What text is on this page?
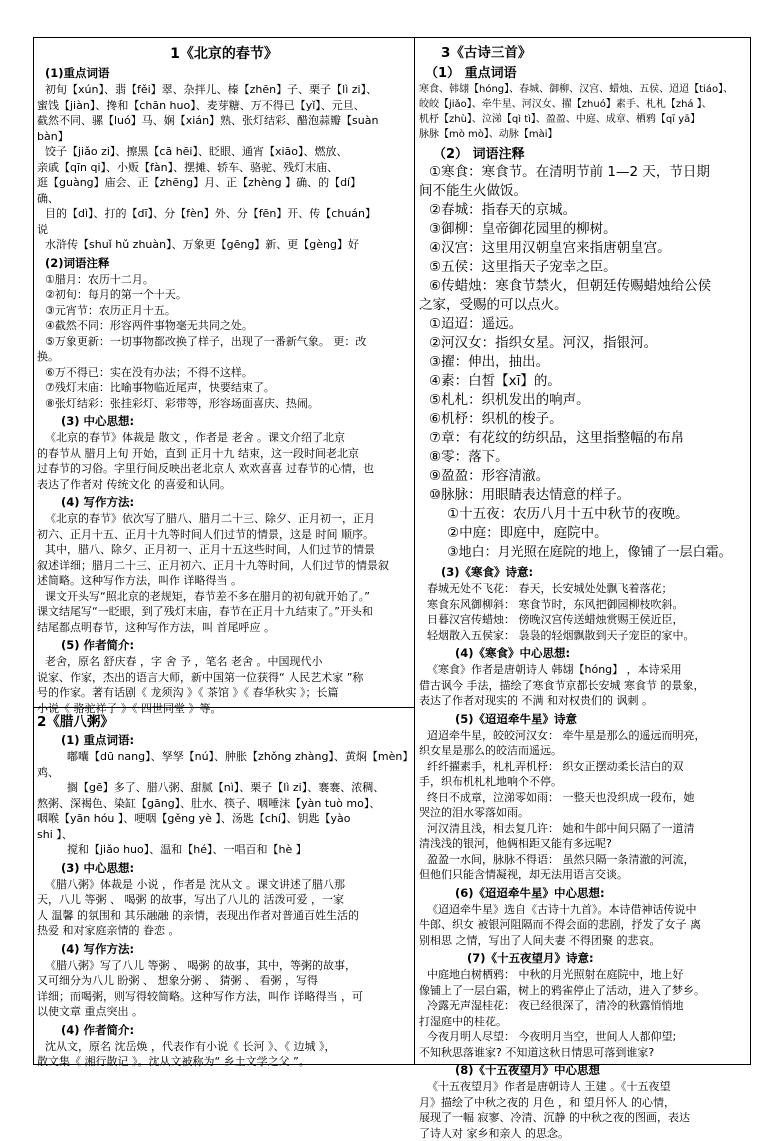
1《北京的春节》
(1)重点词语

初旬【xún】、翡【fěi】翠、杂拌儿、榛【zhēn】子、栗子【lì zi】、

蜜饯【jiàn】、搀和【chān huo】、麦芽糖、万不得已【yǐ】、元旦、

截然不同、骡【luó】马、娴【xián】熟、张灯结彩、醋泡蒜瓣【suàn

bàn】

饺子【jiǎo zi】、擦黑【cā hēi】、眨眼、通宵【xiāo】、燃放、

亲戚【qīn qi】、小贩【fàn】、摆摊、轿车、骆驼、残灯末庙、

逛【guàng】庙会、正【zhēng】月、正【zhèng 】确、的【dí】

确、

目的【dì】、打的【dī】、分【fèn】外、分【fēn】开、传【chuán】

说

水浒传【shuǐ hǔ zhuàn】、万象更【gēng】新、更【gèng】好

(2)词语注释

①腊月：农历十二月。

②初旬：每月的第一个十天。

③元宵节：农历正月十五。

④截然不同：形容两件事物毫无共同之处。

⑤万象更新：一切事物都改换了样子，出现了一番新气象。 更：改

换。

⑥万不得已：实在没有办法；不得不这样。

⑦残灯末庙：比喻事物临近尾声，快要结束了。

⑧张灯结彩：张挂彩灯、彩带等，形容场面喜庆、热闹。

(3) 中心思想:

《北京的春节》体裁是 散文 ，作者是 老舍 。课文介绍了北京

的春节从 腊月上旬 开始，直到 正月十九 结束，这一段时间老北京

过春节的习俗。字里行间反映出老北京人 欢欢喜喜 过春节的心情，也

表达了作者对 传统文化 的喜爱和认同。

(4) 写作方法:

《北京的春节》依次写了腊八、腊月二十三、除夕、正月初一，正月

初六、正月十五、正月十九等时间人们过节的情景，这是 时间 顺序。

其中，腊八、除夕、正月初一、正月十五这些时间，人们过节的情景

叙述详细；腊月二十三、正月初六、正月十九等时间，人们过节的情景叙

述简略。这种写作方法，叫作 详略得当 。

课文开头写“照北京的老规矩，春节差不多在腊月的初旬就开始了。”

课文结尾写“一眨眼，到了残灯末庙，春节在正月十九结束了。”开头和

结尾都点明春节，这种写作方法，叫 首尾呼应 。

(5) 作者简介:

老舍，原名 舒庆春 ，字 舍 予 ，笔名 老舍 。中国现代小

说家、作家，杰出的语言大师，新中国第一位获得“ 人民艺术家 ”称

号的作家。著有话剧《 龙须沟 》《 茶馆 》《 春华秋实 》；长篇

小说《 骆驼祥子 》《 四世同堂 》等。

2《腊八粥》
(1) 重点词语:

嘟囔【dū nang】、孥孥【nú】、肿胀【zhǒng zhàng】、黄焖【mèn】

鸡、

搁【gē】多了、腊八粥、甜腻【nì】、栗子【lì zi】、褰褰、浓稠、

熬粥、深褐色、染缸【gāng】、肚水、筷子、咽唾沫【yàn tuò mo】、

咽喉【yān hóu 】、哽咽【gěng yè 】、汤匙【chí】、钥匙【yào

shi 】、

搅和【jiǎo huo】、温和【hé】、一唱百和【hè 】

(3) 中心思想:

《腊八粥》体裁是 小说 ，作者是 沈从文 。课文讲述了腊八那

天，八儿 等粥 、 喝粥 的故事，写出了八儿的 活泼可爱 ，一家

人 温馨 的氛围和 其乐融融 的亲情，表现出作者对普通百姓生活的

热爱 和对家庭亲情的 眷恋 。

(4) 写作方法:

《腊八粥》写了八儿 等粥 、 喝粥 的故事，其中，等粥的故事，

又可细分为八儿 盼粥 、 想象分粥 、 猜粥 、 看粥 ，写得

详细；而喝粥，则写得较简略。这种写作方法，叫作 详略得当 ，可

以使文章 重点突出 。

(4) 作者简介:

沈从文，原名 沈岳焕 ，代表作有小说《 长河 》、《 边城 》，

散文集《 湘行散记 》。沈从文被称为“ 乡土文学之父 ”。

3《古诗三首》
（1） 重点词语

寒食、韩翃【hóng】、春城、御柳、汉宫、蜡烛、五侯、迢迢【tiáo】、

皎皎【jiǎo】、牵牛星、河汉女、擢【zhuó】素手、札札【zhá 】、

机杼【zhù】、泣涕【qì tì】、盈盈、中庭、成章、栖鸦【qī yā】

脉脉【mò mò】、动脉【mài】

（2） 词语注释

①寒食：寒食节。在清明节前 1—2 天，节日期

间不能生火做饭。

②春城：指春天的京城。

③御柳：皇帝御花园里的柳树。

④汉宫：这里用汉朝皇宫来指唐朝皇宫。

⑤五侯：这里指天子宠幸之臣。

⑥传蜡烛：寒食节禁火，但朝廷传赐蜡烛给公侯

之家，受赐的可以点火。

①迢迢：遥远。

②河汉女：指织女星。河汉，指银河。

③擢：伸出，抽出。

④素：白皙【xī】的。

⑤札札：织机发出的响声。

⑥机杼：织机的梭子。

⑦章：有花纹的纺织品，这里指整幅的布帛

⑧零：落下。

⑨盈盈：形容清澈。

⑩脉脉：用眼睛表达情意的样子。

①十五夜：农历八月十五中秋节的夜晚。

②中庭：即庭中，庭院中。

③地白：月光照在庭院的地上，像铺了一层白霜。

(3)《寒食》诗意:

春城无处不飞花： 春天，长安城处处飘飞着落花；

寒食东风御柳斜： 寒食节时，东风把御园柳枝吹斜。

日暮汉宫传蜡烛： 傍晚汉宫传送蜡烛赏赐王侯近臣，

轻烟散入五侯家： 袅袅的轻烟飘散到天子宠臣的家中。

(4)《寒食》中心思想:

《寒食》作者是唐朝诗人 韩翃【hóng】 ，本诗采用

借古讽今 手法，描绘了寒食节京都长安城 寒食节 的景象，

表达了作者对现实的 不满 和对权贵们的 讽刺 。

(5)《迢迢牵牛星》诗意

迢迢牵牛星，皎皎河汉女： 牵牛星是那么的遥远而明亮，

织女星是那么的皎洁而遥远。

纤纤擢素手，札札弄机杼： 织女正摆动柔长洁白的双

手，织布机札札地响个不停。

终日不成章，泣涕零如雨： 一整天也没织成一段布，她

哭泣的泪水零落如雨。

河汉清且浅，相去复几许： 她和牛郎中间只隔了一道清

清浅浅的银河，他俩相距又能有多远呢?

盈盈一水间，脉脉不得语： 虽然只隔一条清澈的河流，

但他们只能含情凝视，却无法用语言交谈。

(6)《迢迢牵牛星》中心思想:

《迢迢牵牛星》选自《古诗十九首》。本诗借神话传说中

牛郎、织女 被银河阻隔而不得会面的悲剧，抒发了女子 离

别相思 之情，写出了人间夫妻 不得团聚 的悲哀。

(7)《十五夜望月》诗意:

中庭地白树栖鸦： 中秋的月光照射在庭院中，地上好

像铺上了一层白霜，树上的鸦雀停止了活动，进入了梦乡。

冷露无声湿桂花： 夜已经很深了，清冷的秋露悄悄地

打湿庭中的桂花。

今夜月明人尽望： 今夜明月当空，世间人人都仰望;

不知秋思落谁家? 不知道这秋日情思可落到谁家?

(8)《十五夜望月》中心思想

《十五夜望月》作者是唐朝诗人 王建 。《十五夜望

月》描绘了中秋之夜的 月色 ，和 望月怀人 的心情，

展现了一幅 寂寥、冷清、沉静 的中秋之夜的图画，表达

了诗人对 家乡和亲人 的思念。
